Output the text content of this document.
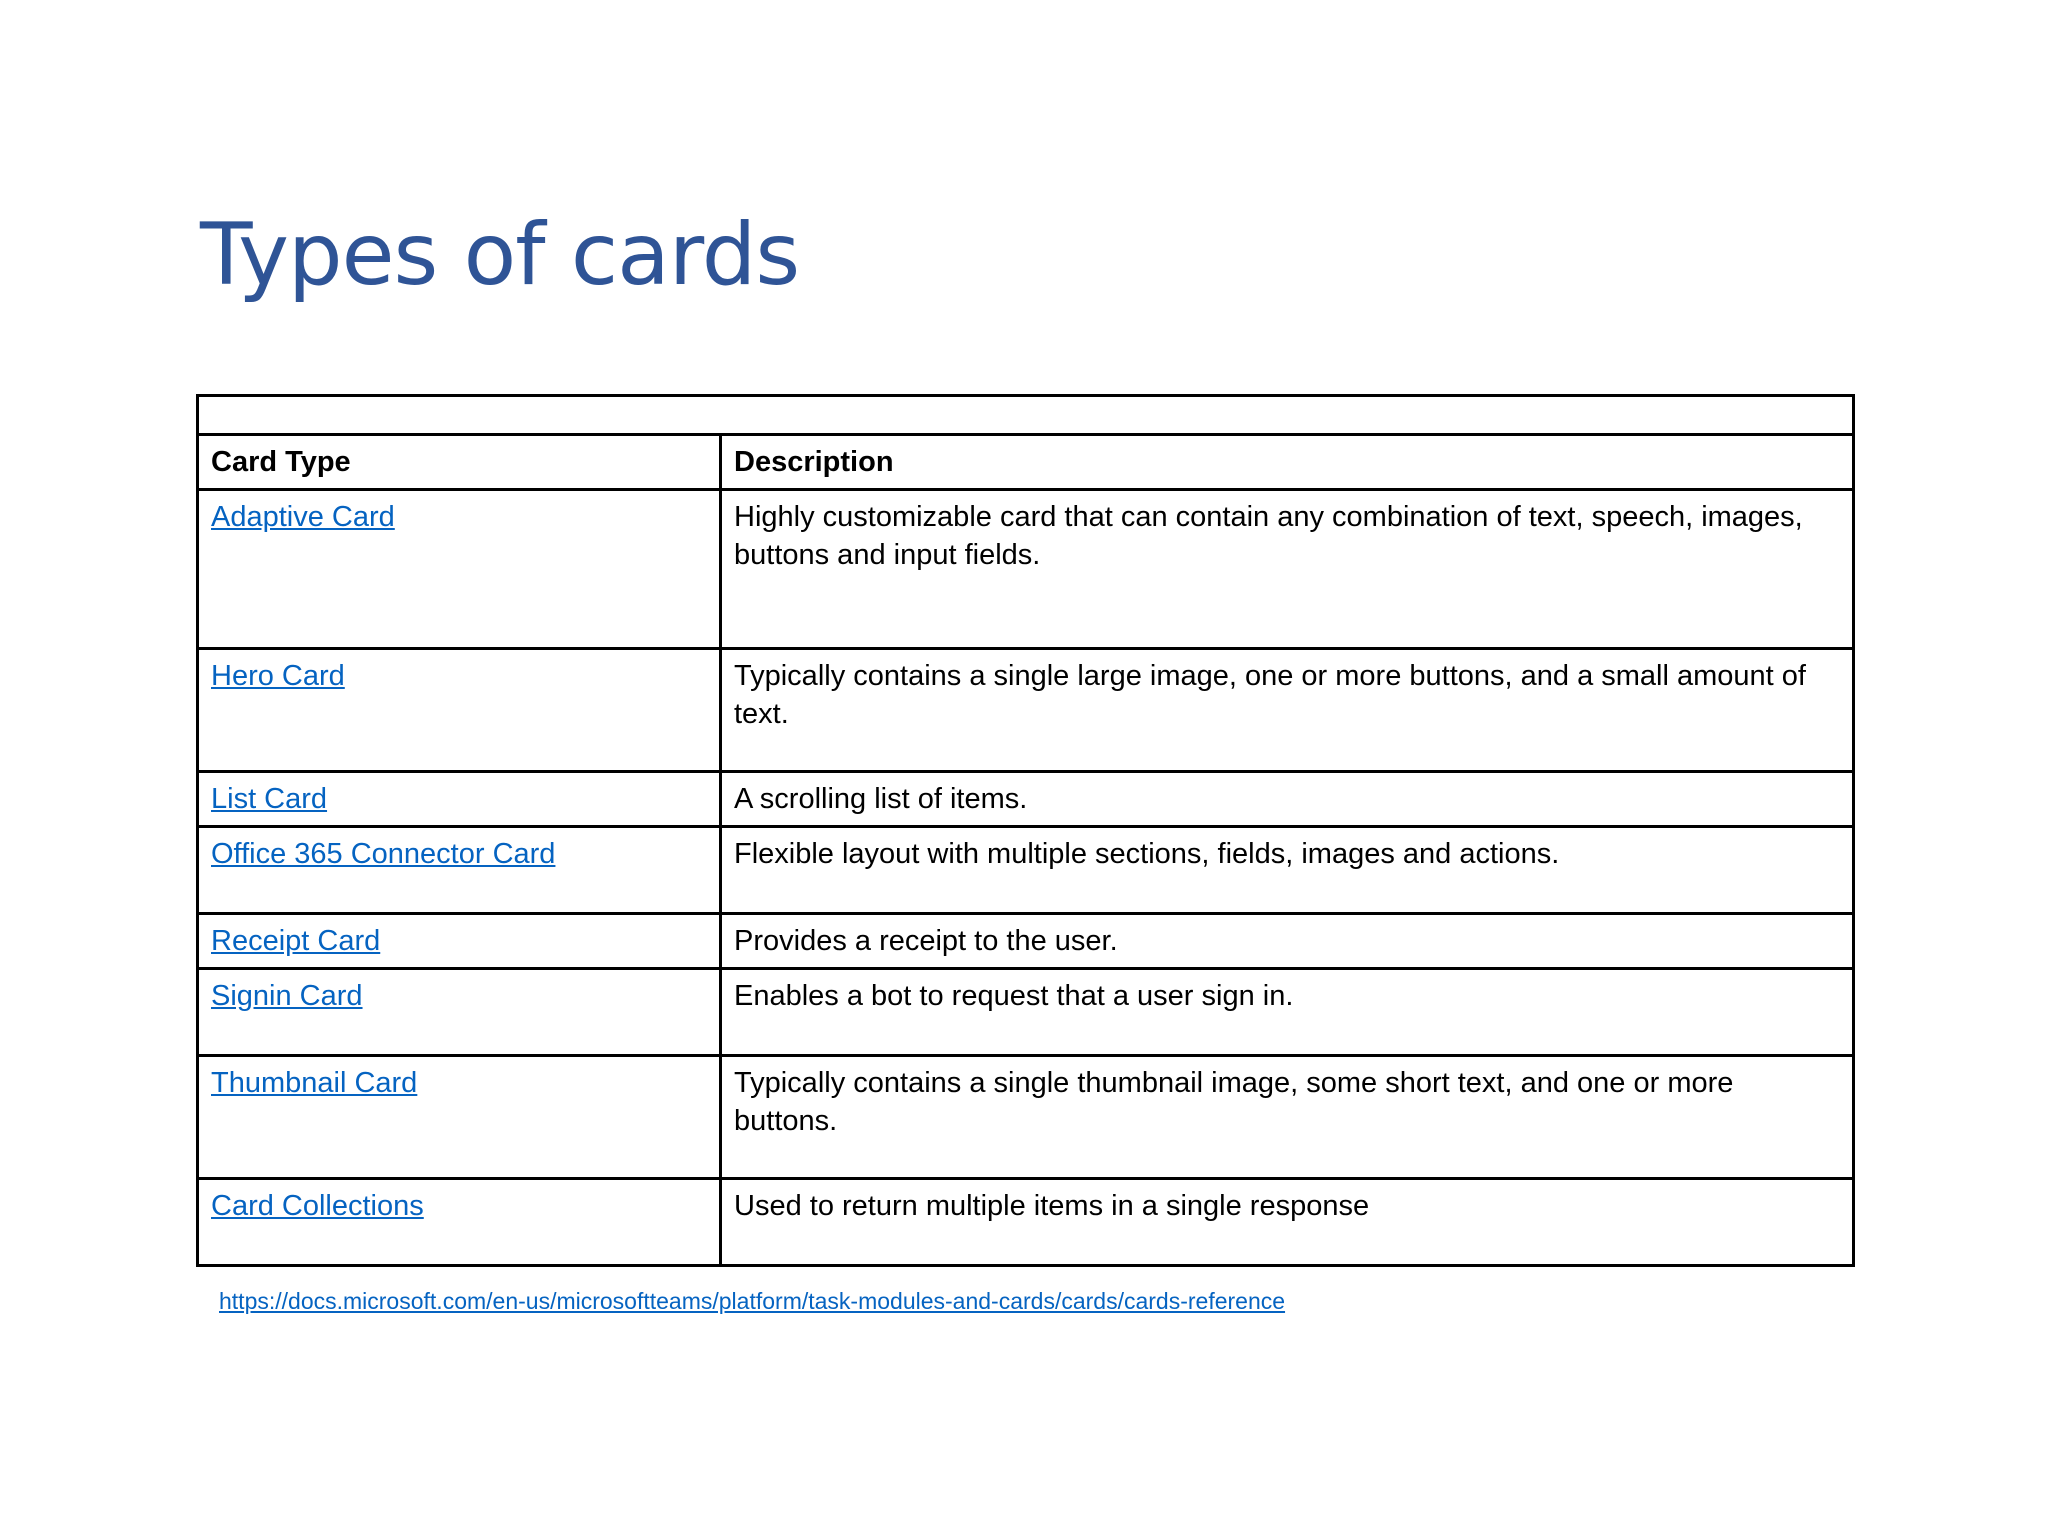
Types of cards

Card Type	Description
Adaptive Card	Highly customizable card that can contain any combination of text, speech, images, buttons and input fields.
Hero Card	Typically contains a single large image, one or more buttons, and a small amount of text.
List Card	A scrolling list of items.
Office 365 Connector Card	Flexible layout with multiple sections, fields, images and actions.
Receipt Card	Provides a receipt to the user.
Signin Card	Enables a bot to request that a user sign in.
Thumbnail Card	Typically contains a single thumbnail image, some short text, and one or more buttons.
Card Collections	Used to return multiple items in a single response
https://docs.microsoft.com/en-us/microsoftteams/platform/task-modules-and-cards/cards/cards-reference
